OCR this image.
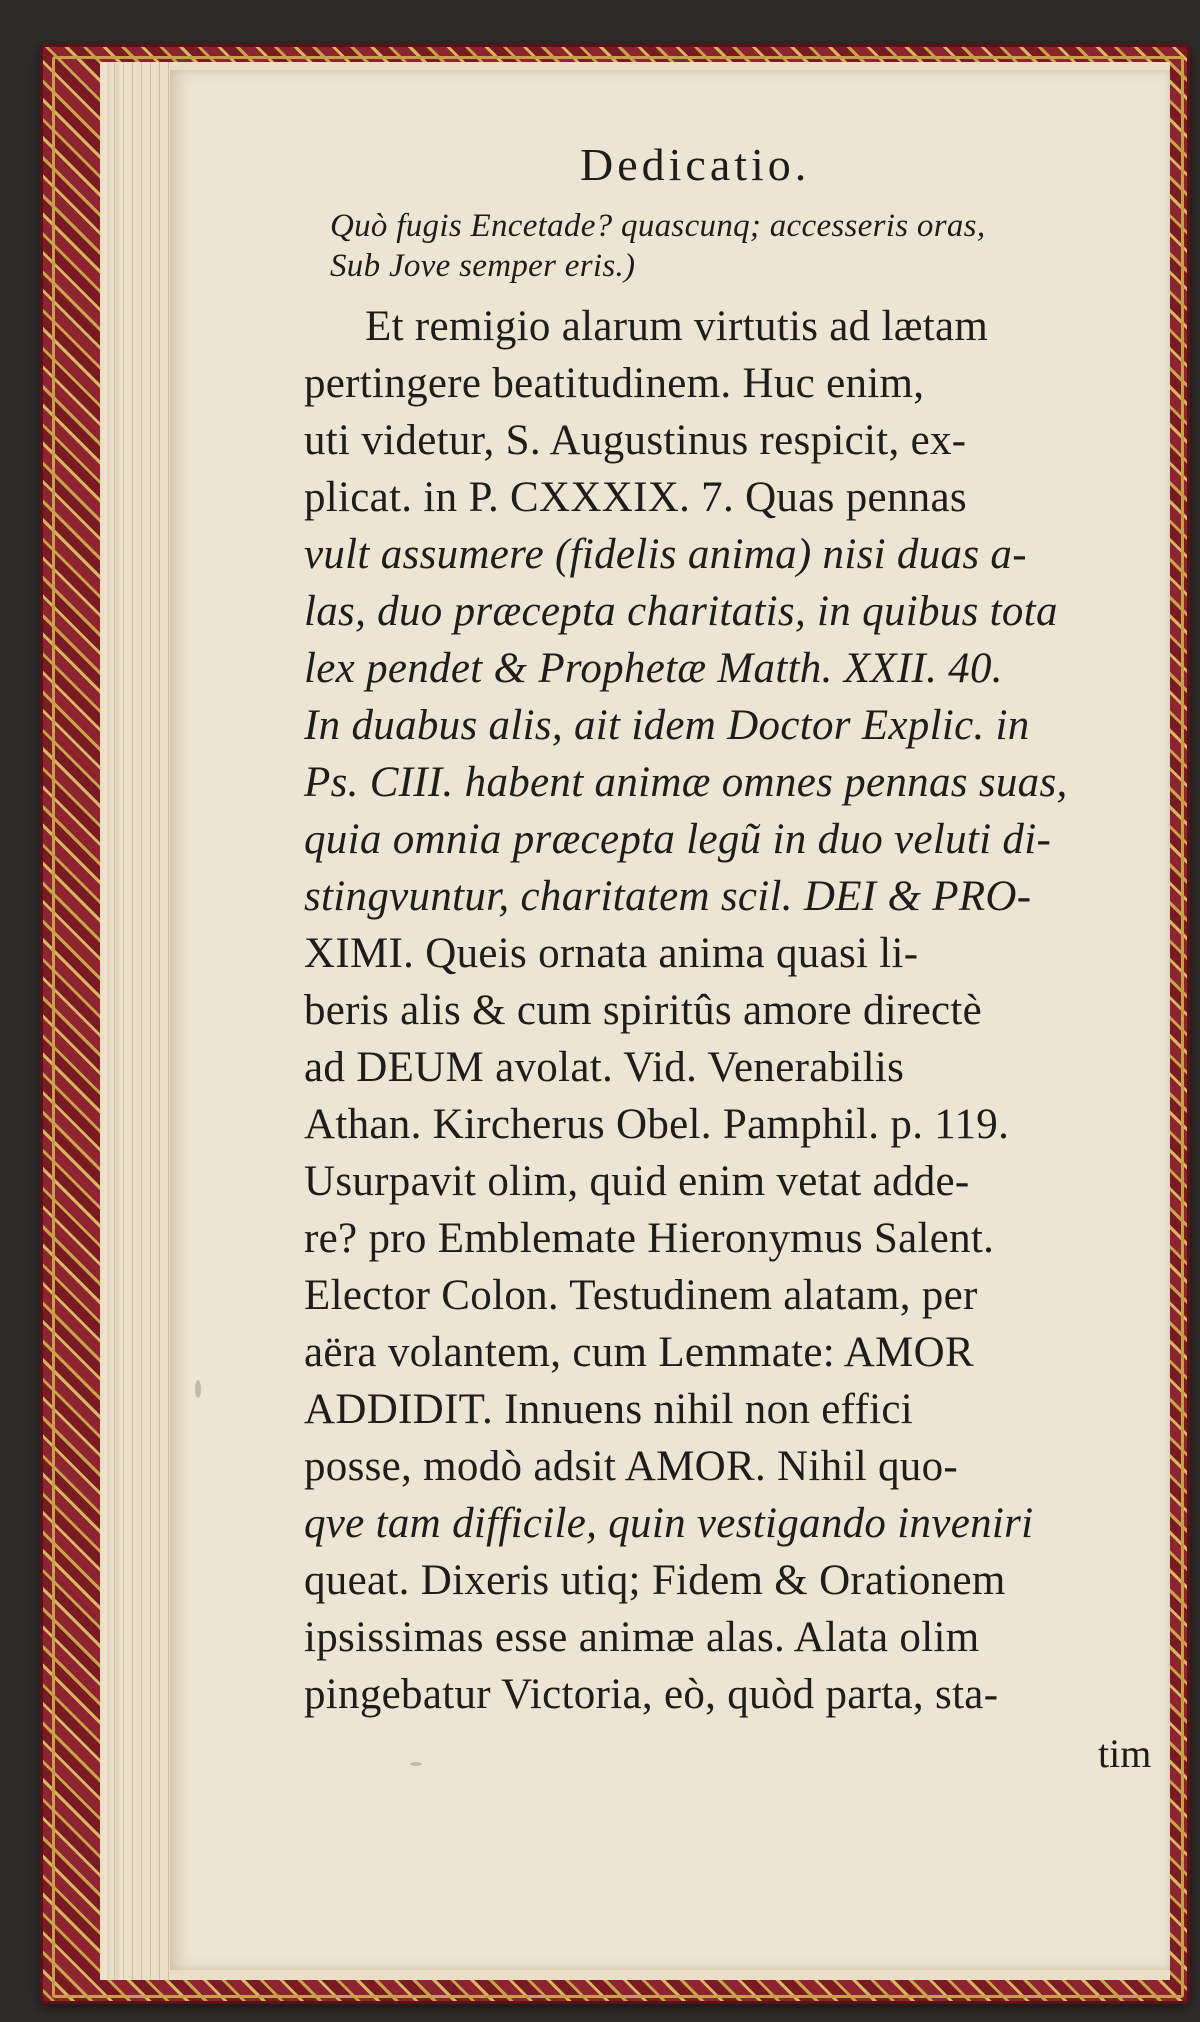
Dedicatio.
Quò fugis Encetade? quascunq; accesseris oras,
Sub Jove semper eris.)
Et remigio alarum virtutis ad lætam
pertingere beatitudinem. Huc enim,
uti videtur, S. Augustinus respicit, ex-
plicat. in P. CXXXIX. 7. Quas pennas
vult assumere (fidelis anima) nisi duas a-
las, duo præcepta charitatis, in quibus tota
lex pendet & Prophetæ Matth. XXII. 40.
In duabus alis, ait idem Doctor Explic. in
Ps. CIII. habent animæ omnes pennas suas,
quia omnia præcepta legũ in duo veluti di-
stingvuntur, charitatem scil. DEI & PRO-
XIMI. Queis ornata anima quasi li-
beris alis & cum spiritûs amore directè
ad DEUM avolat. Vid. Venerabilis
Athan. Kircherus Obel. Pamphil. p. 119.
Usurpavit olim, quid enim vetat adde-
re? pro Emblemate Hieronymus Salent.
Elector Colon. Testudinem alatam, per
aëra volantem, cum Lemmate: AMOR
ADDIDIT. Innuens nihil non effici
posse, modò adsit AMOR. Nihil quo-
qve tam difficile, quin vestigando inveniri
queat. Dixeris utiq; Fidem & Orationem
ipsissimas esse animæ alas. Alata olim
pingebatur Victoria, eò, quòd parta, sta-
tim
